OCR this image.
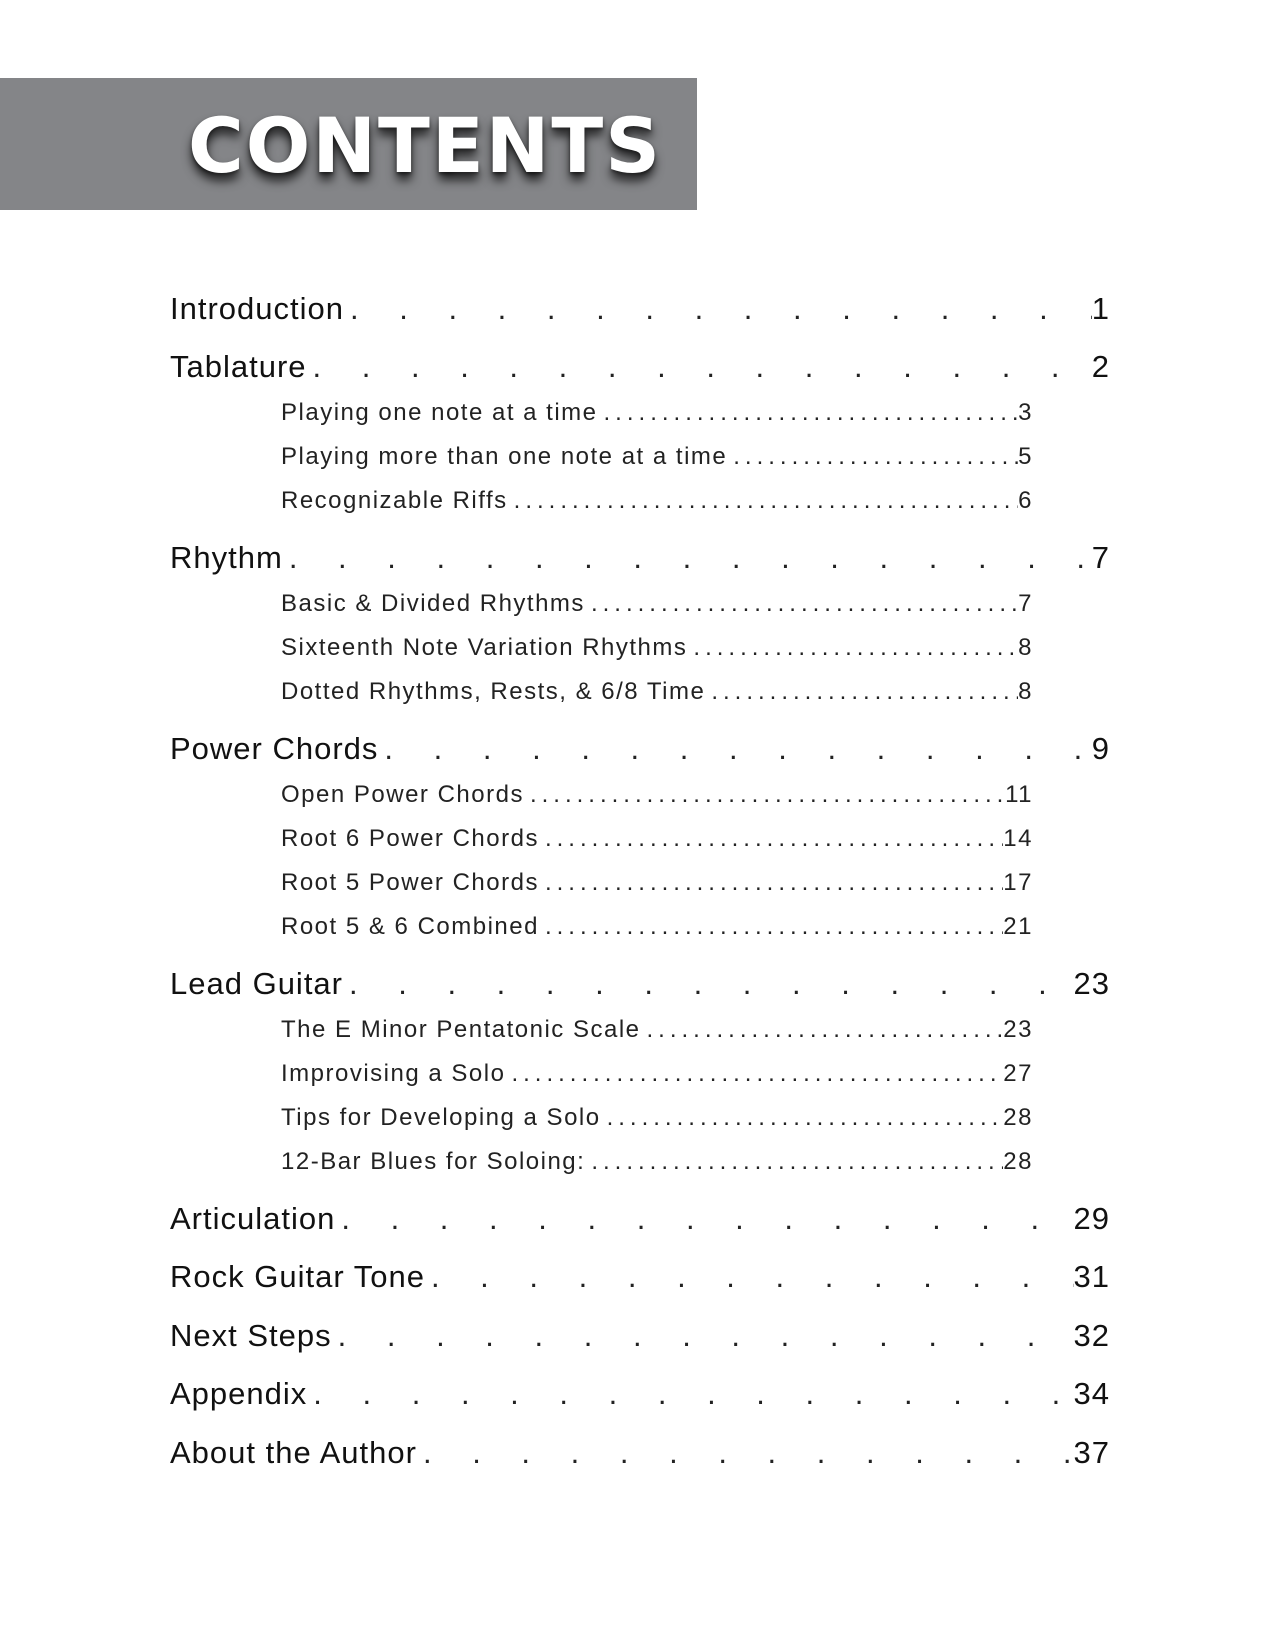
CONTENTS
Introduction . . .	1
Tablature . . .	2
Playing one note at a time .....	3
Playing more than one note at a time .....	5
Recognizable Riffs .....	6
Rhythm . . .	7
Basic & Divided Rhythms .....	7
Sixteenth Note Variation Rhythms .....	8
Dotted Rhythms, Rests, & 6/8 Time .....	8
Power Chords . . .	9
Open Power Chords .....	11
Root 6 Power Chords .....	14
Root 5 Power Chords .....	17
Root 5 & 6 Combined .....	21
Lead Guitar . . .	23
The E Minor Pentatonic Scale .....	23
Improvising a Solo .....	27
Tips for Developing a Solo .....	28
12-Bar Blues for Soloing: .....	28
Articulation . . .	29
Rock Guitar Tone . . .	31
Next Steps . . .	32
Appendix . . .	34
About the Author . . .	37
